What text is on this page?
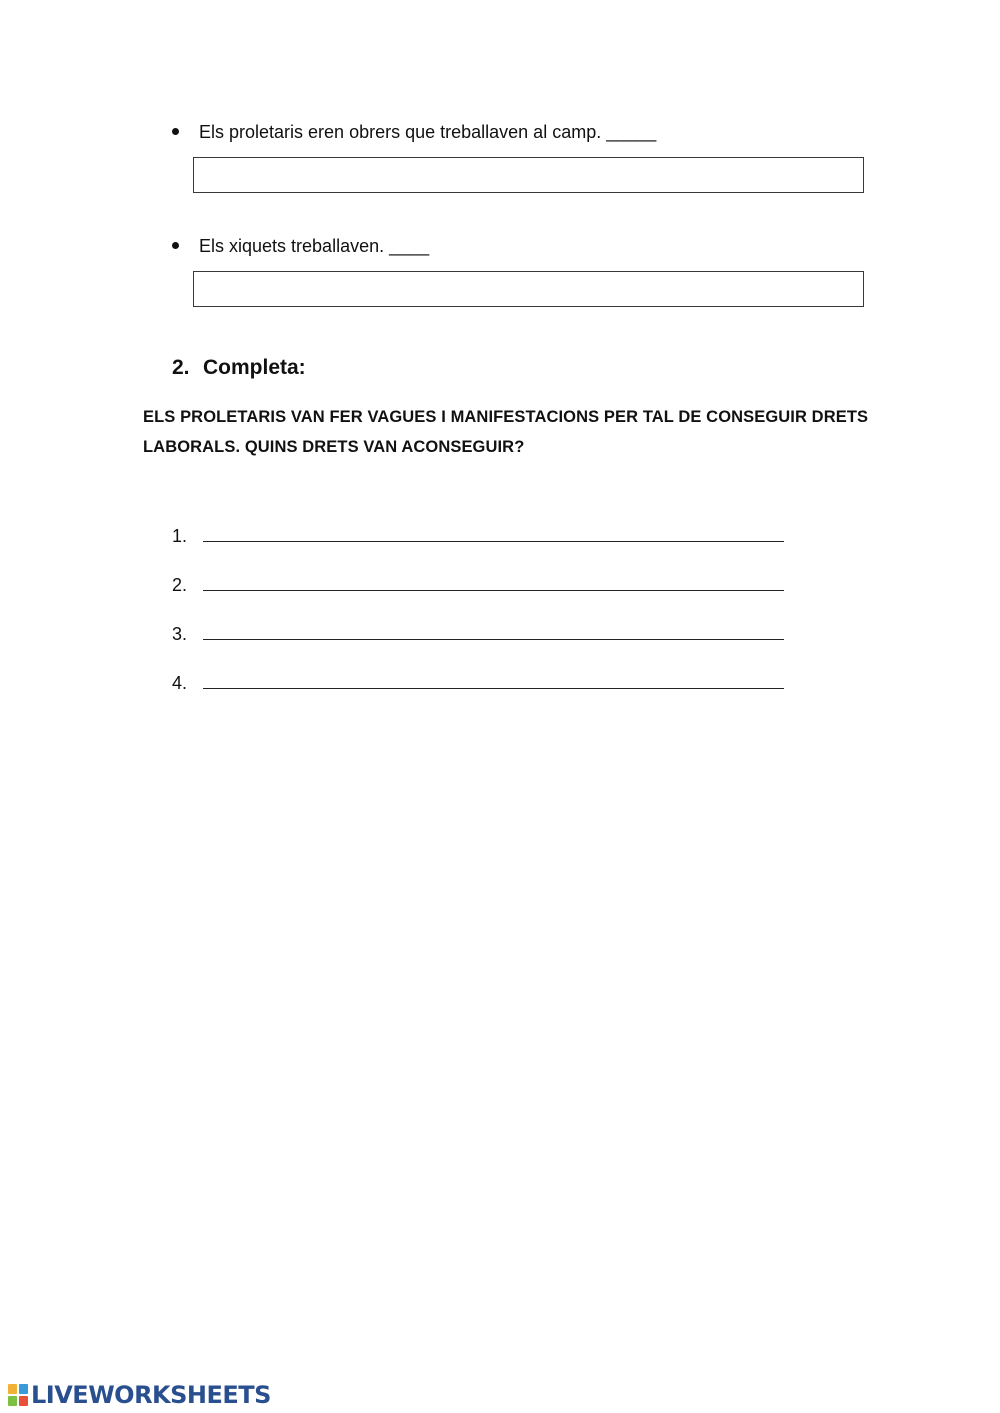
Els proletaris eren obrers que treballaven al camp. _____
Els xiquets treballaven. ____
2. Completa:
ELS PROLETARIS VAN FER VAGUES I MANIFESTACIONS PER TAL DE CONSEGUIR DRETS LABORALS. QUINS DRETS VAN ACONSEGUIR?
1.
2.
3.
4.
LIVEWORKSHEETS
